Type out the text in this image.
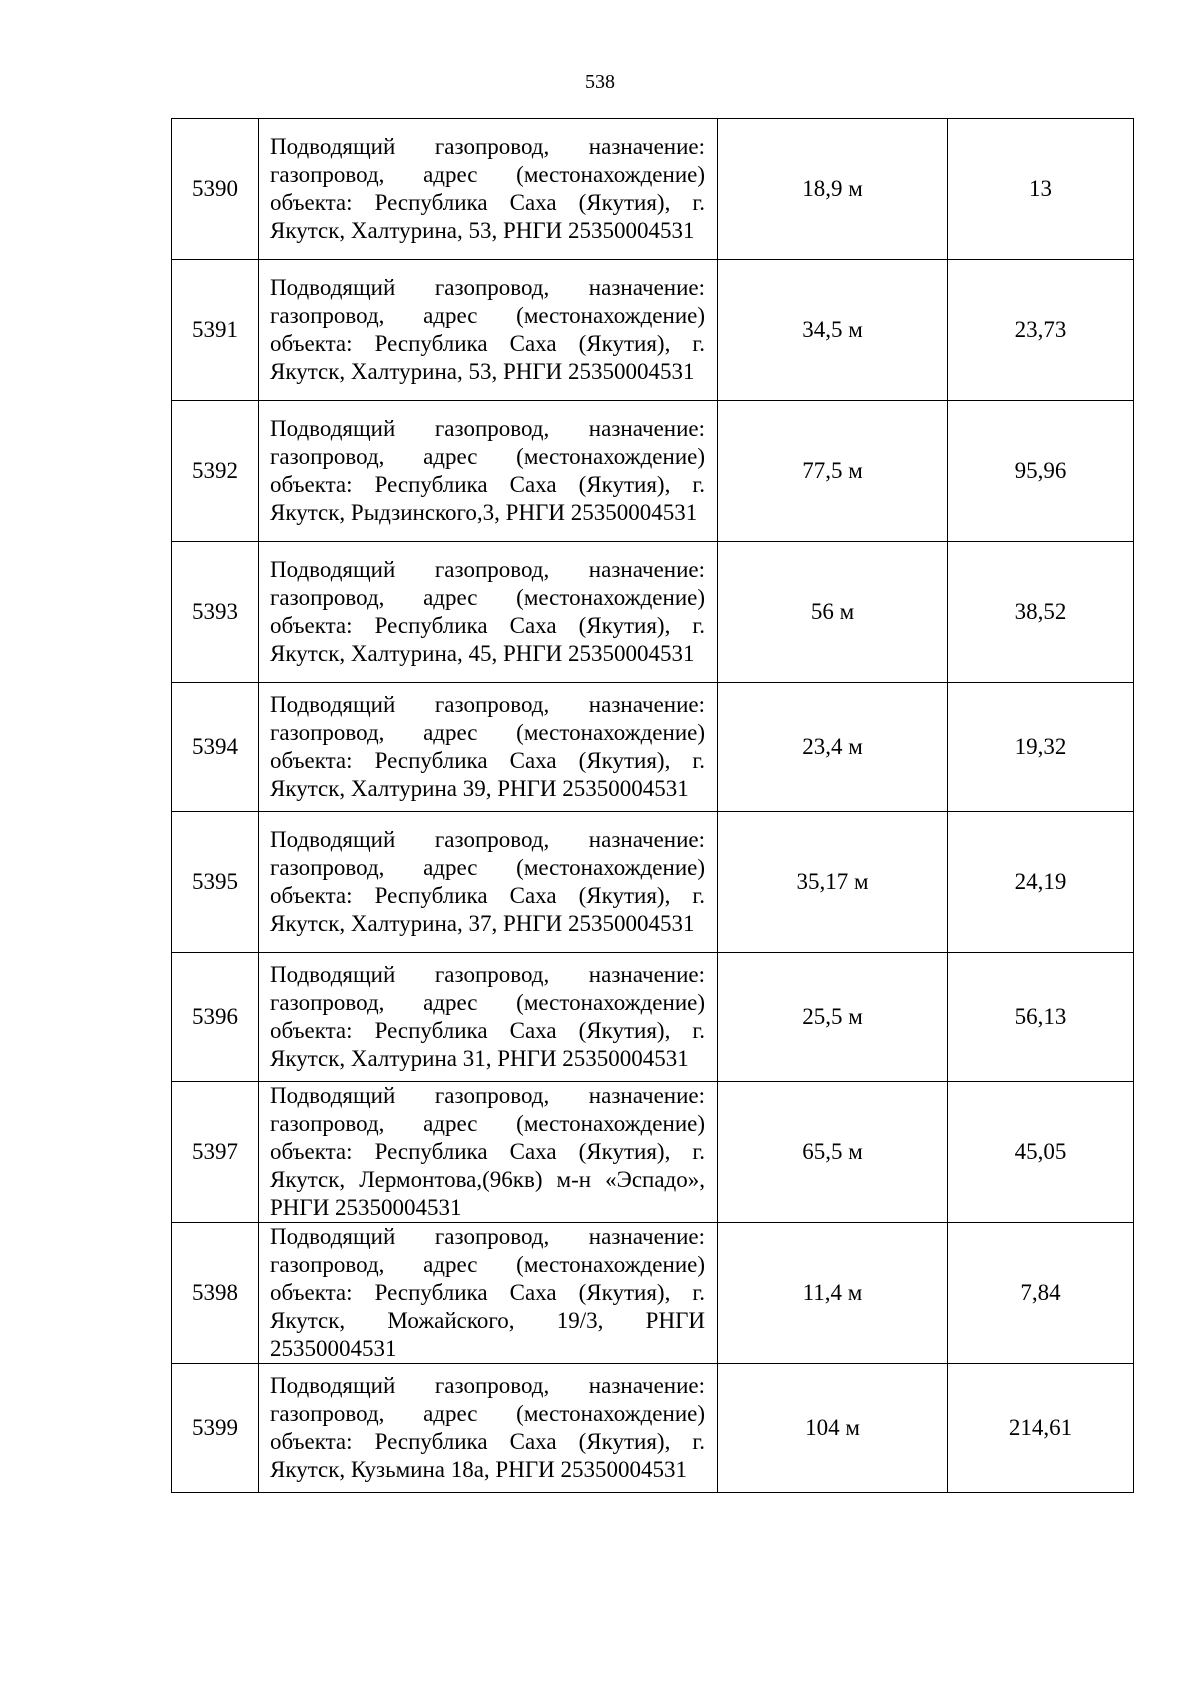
538
5390	Подводящий газопровод, назначение: газопровод, адрес (местонахождение) объекта: Республика Саха (Якутия), г. Якутск, Халтурина, 53, РНГИ 25350004531	18,9 м	13
5391	Подводящий газопровод, назначение: газопровод, адрес (местонахождение) объекта: Республика Саха (Якутия), г. Якутск, Халтурина, 53, РНГИ 25350004531	34,5 м	23,73
5392	Подводящий газопровод, назначение: газопровод, адрес (местонахождение) объекта: Республика Саха (Якутия), г. Якутск, Рыдзинского,3, РНГИ 25350004531	77,5 м	95,96
5393	Подводящий газопровод, назначение: газопровод, адрес (местонахождение) объекта: Республика Саха (Якутия), г. Якутск, Халтурина, 45, РНГИ 25350004531	56 м	38,52
5394	Подводящий газопровод, назначение: газопровод, адрес (местонахождение) объекта: Республика Саха (Якутия), г. Якутск, Халтурина 39, РНГИ 25350004531	23,4 м	19,32
5395	Подводящий газопровод, назначение: газопровод, адрес (местонахождение) объекта: Республика Саха (Якутия), г. Якутск, Халтурина, 37, РНГИ 25350004531	35,17 м	24,19
5396	Подводящий газопровод, назначение: газопровод, адрес (местонахождение) объекта: Республика Саха (Якутия), г. Якутск, Халтурина 31, РНГИ 25350004531	25,5 м	56,13
5397	Подводящий газопровод, назначение: газопровод, адрес (местонахождение) объекта: Республика Саха (Якутия), г. Якутск, Лермонтова,(96кв) м-н «Эспадо», РНГИ 25350004531	65,5 м	45,05
5398	Подводящий газопровод, назначение: газопровод, адрес (местонахождение) объекта: Республика Саха (Якутия), г. Якутск, Можайского, 19/3, РНГИ 25350004531	11,4 м	7,84
5399	Подводящий газопровод, назначение: газопровод, адрес (местонахождение) объекта: Республика Саха (Якутия), г. Якутск, Кузьмина 18а, РНГИ 25350004531	104 м	214,61
